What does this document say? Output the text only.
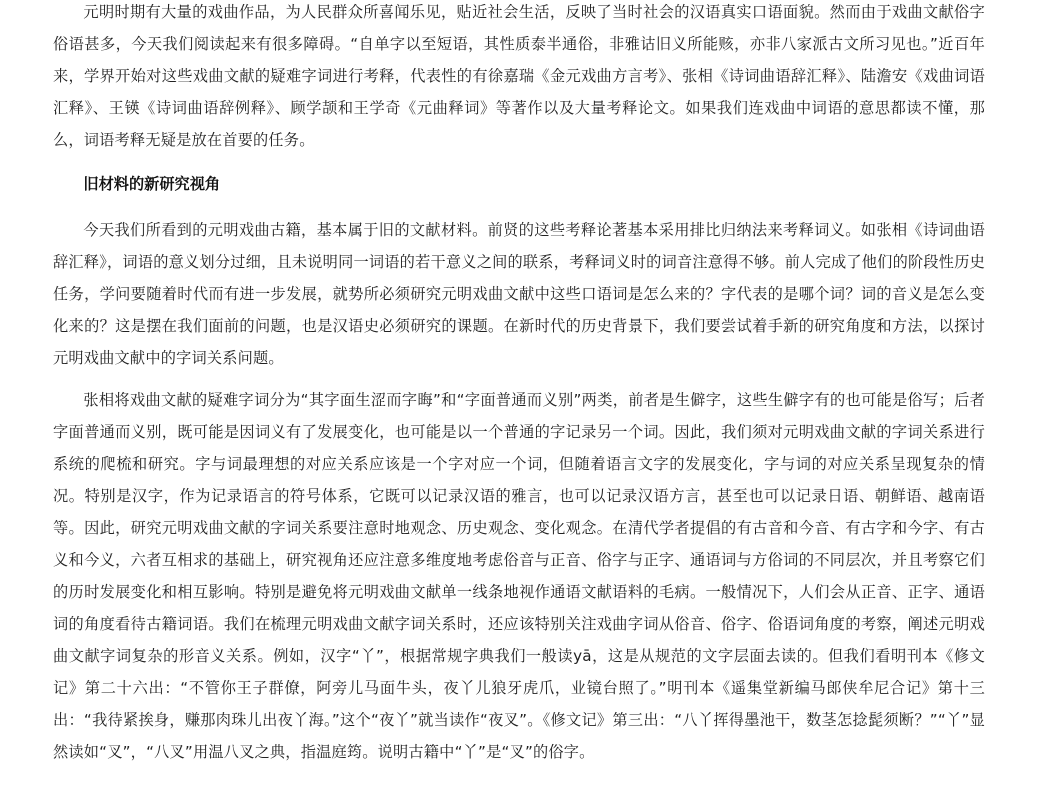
元明时期有大量的戏曲作品，为人民群众所喜闻乐见，贴近社会生活，反映了当时社会的汉语真实口语面貌。然而由于戏曲文献俗字俗语甚多，今天我们阅读起来有很多障碍。“自单字以至短语，其性质泰半通俗，非雅诂旧义所能赅，亦非八家派古文所习见也。”近百年来，学界开始对这些戏曲文献的疑难字词进行考释，代表性的有徐嘉瑞《金元戏曲方言考》、张相《诗词曲语辞汇释》、陆澹安《戏曲词语汇释》、王锳《诗词曲语辞例释》、顾学颉和王学奇《元曲释词》等著作以及大量考释论文。如果我们连戏曲中词语的意思都读不懂，那么，词语考释无疑是放在首要的任务。

旧材料的新研究视角

今天我们所看到的元明戏曲古籍，基本属于旧的文献材料。前贤的这些考释论著基本采用排比归纳法来考释词义。如张相《诗词曲语辞汇释》，词语的意义划分过细，且未说明同一词语的若干意义之间的联系，考释词义时的词音注意得不够。前人完成了他们的阶段性历史任务，学问要随着时代而有进一步发展，就势所必须研究元明戏曲文献中这些口语词是怎么来的？字代表的是哪个词？词的音义是怎么变化来的？这是摆在我们面前的问题，也是汉语史必须研究的课题。在新时代的历史背景下，我们要尝试着手新的研究角度和方法，以探讨元明戏曲文献中的字词关系问题。

张相将戏曲文献的疑难字词分为“其字面生涩而字晦”和“字面普通而义别”两类，前者是生僻字，这些生僻字有的也可能是俗写；后者字面普通而义别，既可能是因词义有了发展变化，也可能是以一个普通的字记录另一个词。因此，我们须对元明戏曲文献的字词关系进行系统的爬梳和研究。字与词最理想的对应关系应该是一个字对应一个词，但随着语言文字的发展变化，字与词的对应关系呈现复杂的情况。特别是汉字，作为记录语言的符号体系，它既可以记录汉语的雅言，也可以记录汉语方言，甚至也可以记录日语、朝鲜语、越南语等。因此，研究元明戏曲文献的字词关系要注意时地观念、历史观念、变化观念。在清代学者提倡的有古音和今音、有古字和今字、有古义和今义，六者互相求的基础上，研究视角还应注意多维度地考虑俗音与正音、俗字与正字、通语词与方俗词的不同层次，并且考察它们的历时发展变化和相互影响。特别是避免将元明戏曲文献单一线条地视作通语文献语料的毛病。一般情况下，人们会从正音、正字、通语词的角度看待古籍词语。我们在梳理元明戏曲文献字词关系时，还应该特别关注戏曲字词从俗音、俗字、俗语词角度的考察，阐述元明戏曲文献字词复杂的形音义关系。例如，汉字“丫”，根据常规字典我们一般读yā，这是从规范的文字层面去读的。但我们看明刊本《修文记》第二十六出：“不管你王子群僚，阿旁儿马面牛头，夜丫儿狼牙虎爪，业镜台照了。”明刊本《遥集堂新编马郎侠牟尼合记》第十三出：“我待紧挨身，赚那肉珠儿出夜丫海。”这个“夜丫”就当读作“夜叉”。《修文记》第三出：“八丫挥得墨池干，数茎怎捻髭须断？”“丫”显然读如“叉”，“八叉”用温八叉之典，指温庭筠。说明古籍中“丫”是“叉”的俗字。
